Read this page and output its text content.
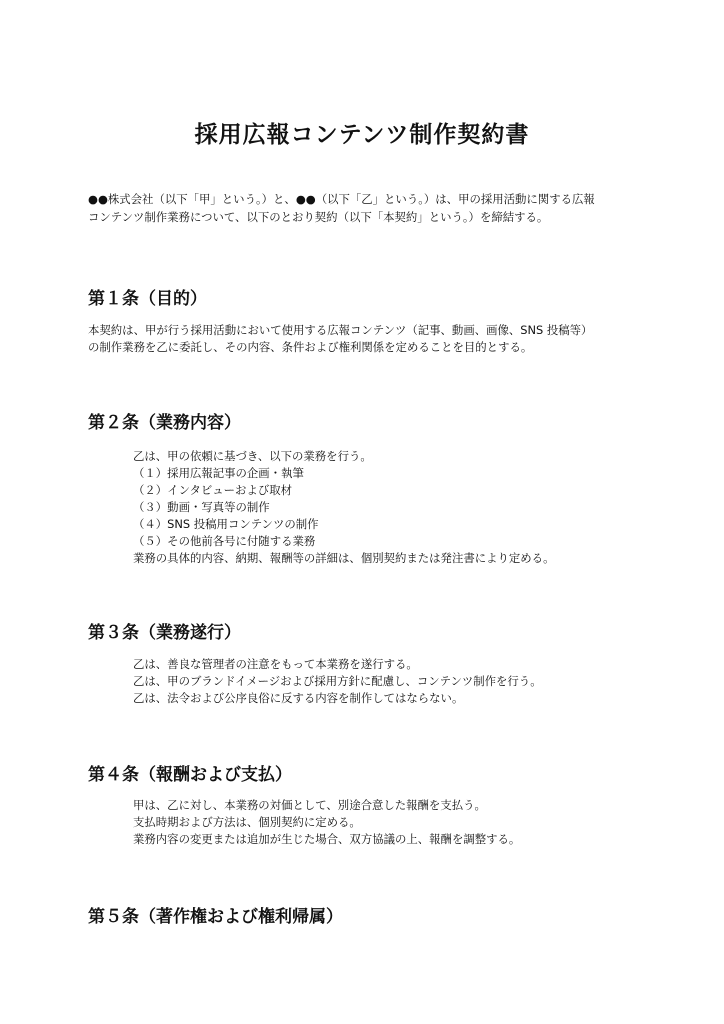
採用広報コンテンツ制作契約書

●●株式会社（以下「甲」という。）と、●●（以下「乙」という。）は、甲の採用活動に関する広報

コンテンツ制作業務について、以下のとおり契約（以下「本契約」という。）を締結する。

第１条（目的）

本契約は、甲が行う採用活動において使用する広報コンテンツ（記事、動画、画像、SNS 投稿等）

の制作業務を乙に委託し、その内容、条件および権利関係を定めることを目的とする。

第２条（業務内容）

乙は、甲の依頼に基づき、以下の業務を行う。

（１）採用広報記事の企画・執筆

（２）インタビューおよび取材

（３）動画・写真等の制作

（４）SNS 投稿用コンテンツの制作

（５）その他前各号に付随する業務

業務の具体的内容、納期、報酬等の詳細は、個別契約または発注書により定める。

第３条（業務遂行）

乙は、善良な管理者の注意をもって本業務を遂行する。

乙は、甲のブランドイメージおよび採用方針に配慮し、コンテンツ制作を行う。

乙は、法令および公序良俗に反する内容を制作してはならない。

第４条（報酬および支払）

甲は、乙に対し、本業務の対価として、別途合意した報酬を支払う。

支払時期および方法は、個別契約に定める。

業務内容の変更または追加が生じた場合、双方協議の上、報酬を調整する。

第５条（著作権および権利帰属）
